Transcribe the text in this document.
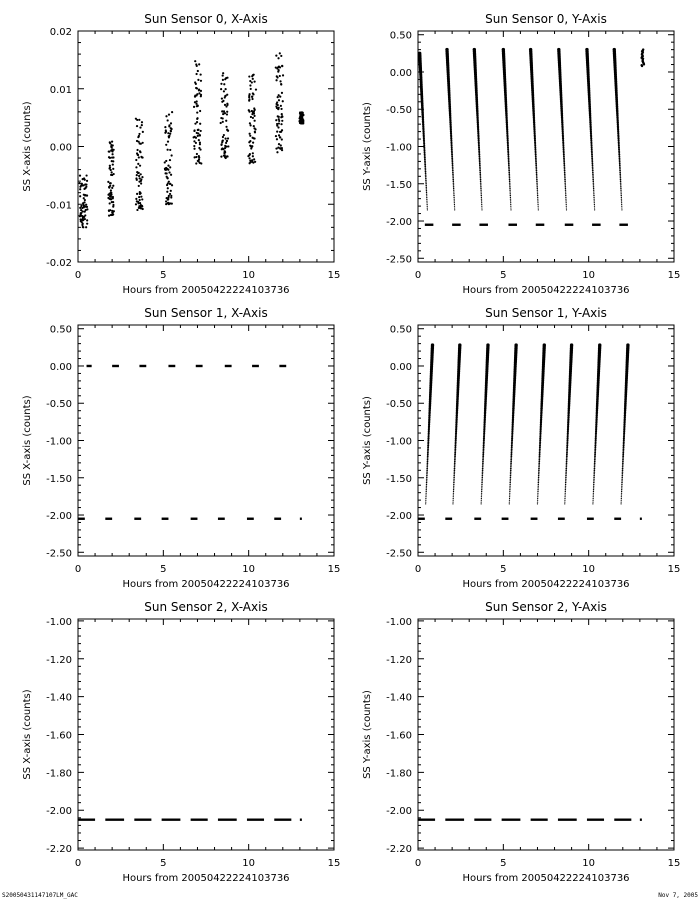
Sun Sensor 0, X-Axis
Hours from 20050422224103736
SS X-axis (counts)
0	5	10	15
-0.02
-0.01
0.00
0.01
0.02
Sun Sensor 0, Y-Axis
Hours from 20050422224103736
SS Y-axis (counts)
0	5	10	15
-2.50
-2.00
-1.50
-1.00
-0.50
0.00
0.50
Sun Sensor 1, X-Axis
Hours from 20050422224103736
SS X-axis (counts)
0	5	10	15
-2.50
-2.00
-1.50
-1.00
-0.50
0.00
0.50
Sun Sensor 1, Y-Axis
Hours from 20050422224103736
SS Y-axis (counts)
0	5	10	15
-2.50
-2.00
-1.50
-1.00
-0.50
0.00
0.50
Sun Sensor 2, X-Axis
Hours from 20050422224103736
SS X-axis (counts)
0	5	10	15
-2.20
-2.00
-1.80
-1.60
-1.40
-1.20
-1.00
Sun Sensor 2, Y-Axis
Hours from 20050422224103736
SS Y-axis (counts)
0	5	10	15
-2.20
-2.00
-1.80
-1.60
-1.40
-1.20
-1.00
S20050431147107LM_GAC	Nov 7, 2005
